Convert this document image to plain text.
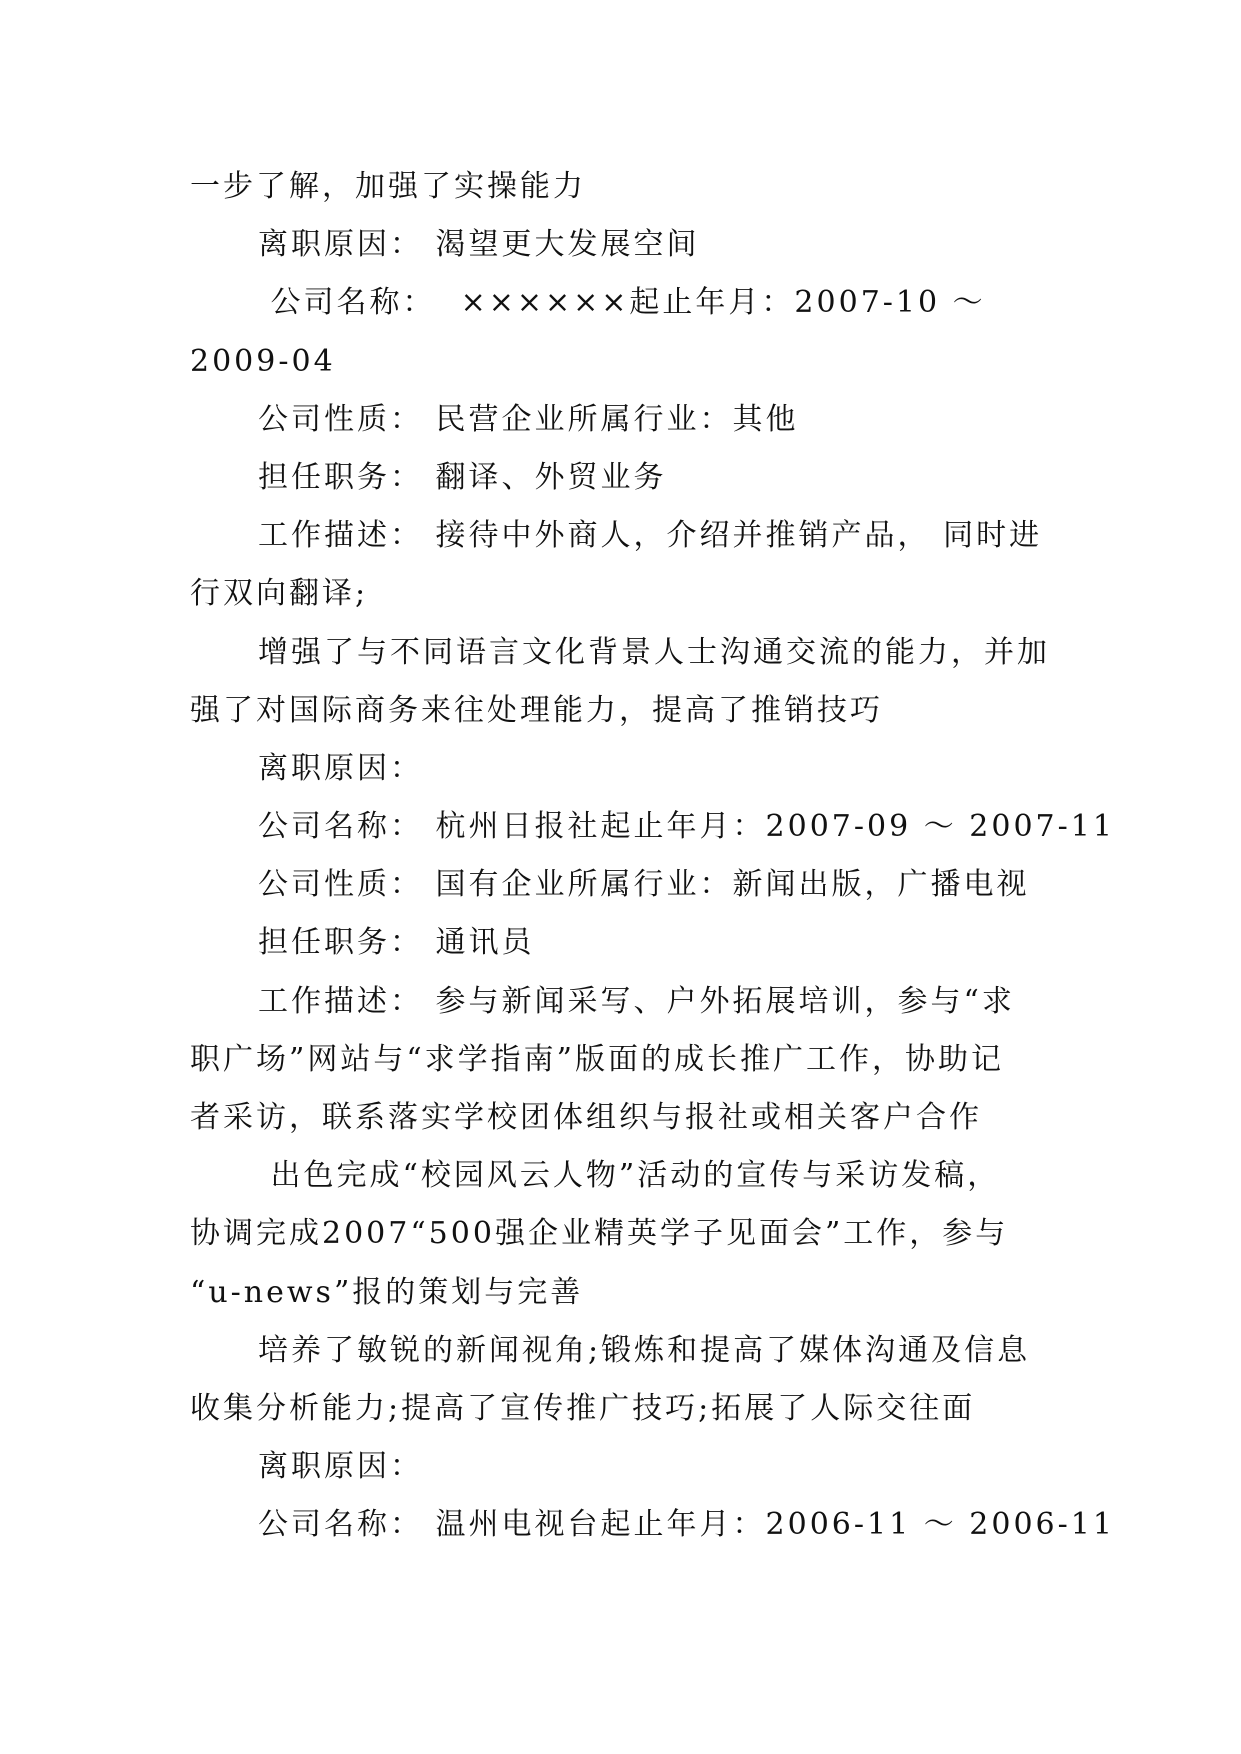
一步了解，加强了实操能力

离职原因： 渴望更大发展空间

公司名称：  ××××××起止年月：2007-10 ～

2009-04

公司性质： 民营企业所属行业：其他

担任职务： 翻译、外贸业务

工作描述： 接待中外商人，介绍并推销产品， 同时进

行双向翻译;

增强了与不同语言文化背景人士沟通交流的能力，并加

强了对国际商务来往处理能力，提高了推销技巧

离职原因：

公司名称： 杭州日报社起止年月：2007-09 ～ 2007-11

公司性质： 国有企业所属行业：新闻出版，广播电视

担任职务： 通讯员

工作描述： 参与新闻采写、户外拓展培训，参与“求

职广场”网站与“求学指南”版面的成长推广工作，协助记

者采访，联系落实学校团体组织与报社或相关客户合作

出色完成“校园风云人物”活动的宣传与采访发稿，

协调完成2007“500强企业精英学子见面会”工作，参与

“u-news”报的策划与完善

培养了敏锐的新闻视角;锻炼和提高了媒体沟通及信息

收集分析能力;提高了宣传推广技巧;拓展了人际交往面

离职原因：

公司名称： 温州电视台起止年月：2006-11 ～ 2006-11
